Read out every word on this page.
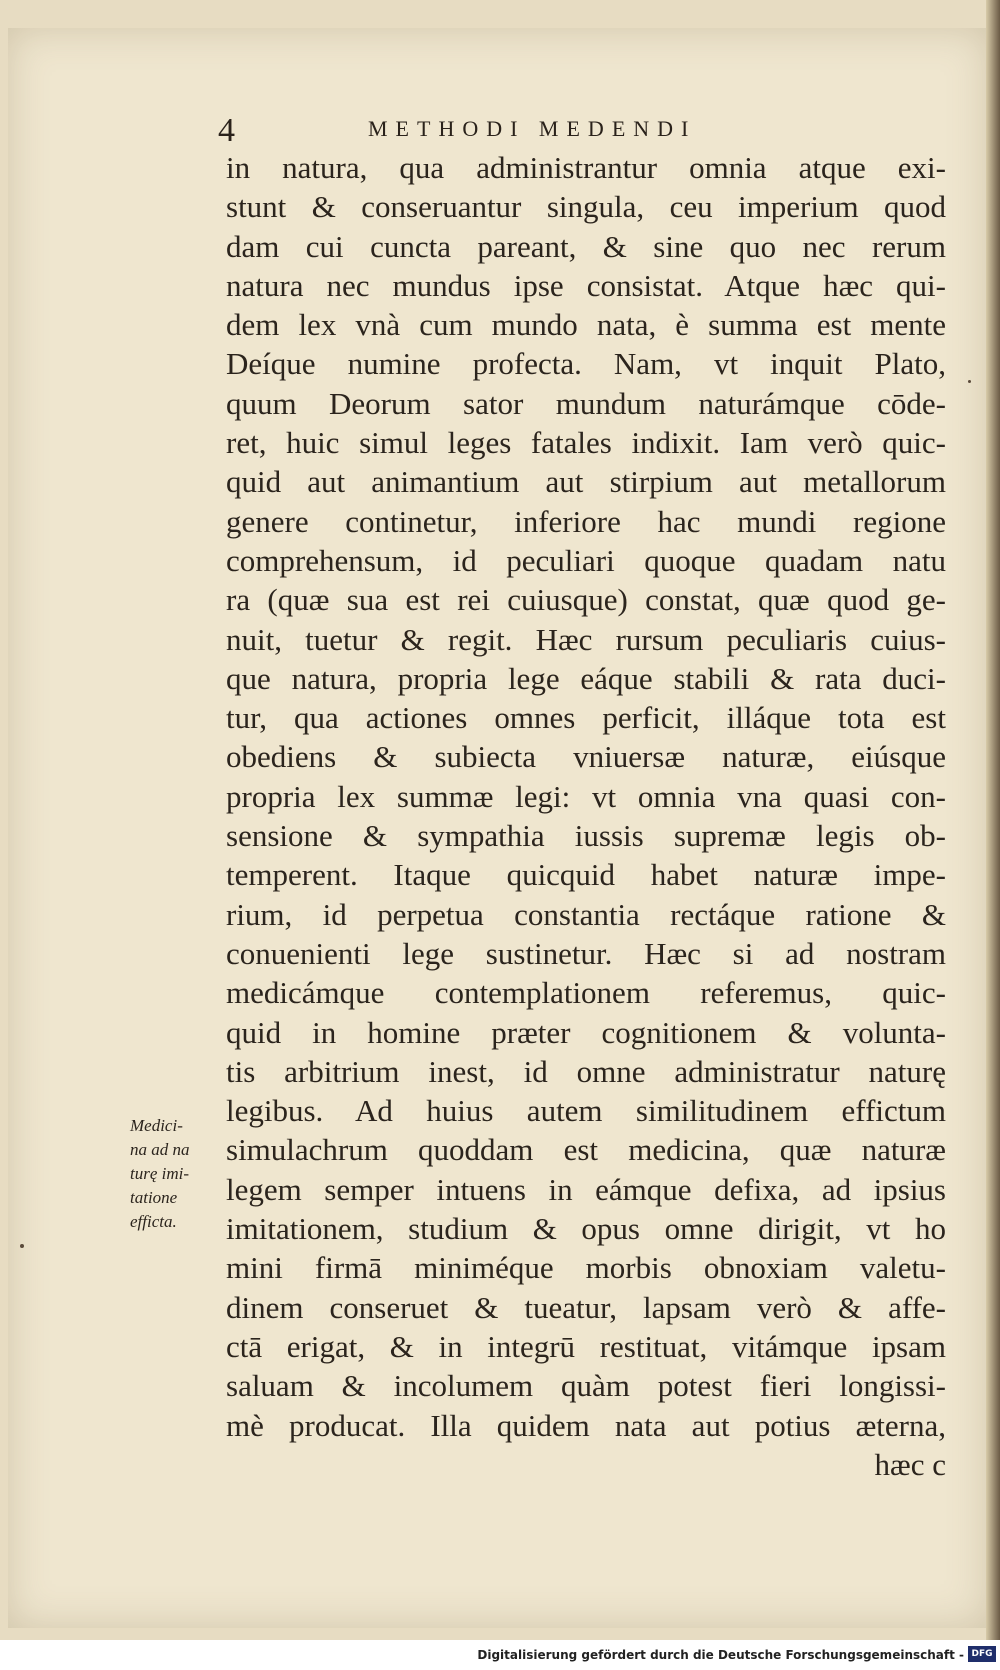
4	METHODI MEDENDI
in natura, qua administrantur omnia atque exi-
stunt & conseruantur singula, ceu imperium quod
dam cui cuncta pareant, & sine quo nec rerum
natura nec mundus ipse consistat. Atque hæc qui-
dem lex vnà cum mundo nata, è summa est mente
Deíque numine profecta. Nam, vt inquit Plato,
quum Deorum sator mundum naturámque cōde-
ret, huic simul leges fatales indixit. Iam verò quic-
quid aut animantium aut stirpium aut metallorum
genere continetur, inferiore hac mundi regione
comprehensum, id peculiari quoque quadam natu
ra (quæ sua est rei cuiusque) constat, quæ quod ge-
nuit, tuetur & regit. Hæc rursum peculiaris cuius-
que natura, propria lege eáque stabili & rata duci-
tur, qua actiones omnes perficit, illáque tota est
obediens & subiecta vniuersæ naturæ, eiúsque
propria lex summæ legi: vt omnia vna quasi con-
sensione & sympathia iussis supremæ legis ob-
temperent. Itaque quicquid habet naturæ impe-
rium, id perpetua constantia rectáque ratione &
conuenienti lege sustinetur. Hæc si ad nostram
medicámque contemplationem referemus, quic-
quid in homine præter cognitionem & volunta-
tis arbitrium inest, id omne administratur naturę
legibus. Ad huius autem similitudinem effictum
simulachrum quoddam est medicina, quæ naturæ
legem semper intuens in eámque defixa, ad ipsius
imitationem, studium & opus omne dirigit, vt ho
mini firmā miniméque morbis obnoxiam valetu-
dinem conseruet & tueatur, lapsam verò & affe-
ctā erigat, & in integrū restituat, vitámque ipsam
saluam & incolumem quàm potest fieri longissi-
mè producat. Illa quidem nata aut potius æterna,
hæc c
Medici-
na ad na
turę imi-
tatione
efficta.
Digitalisierung gefördert durch die Deutsche Forschungsgemeinschaft - DFG
